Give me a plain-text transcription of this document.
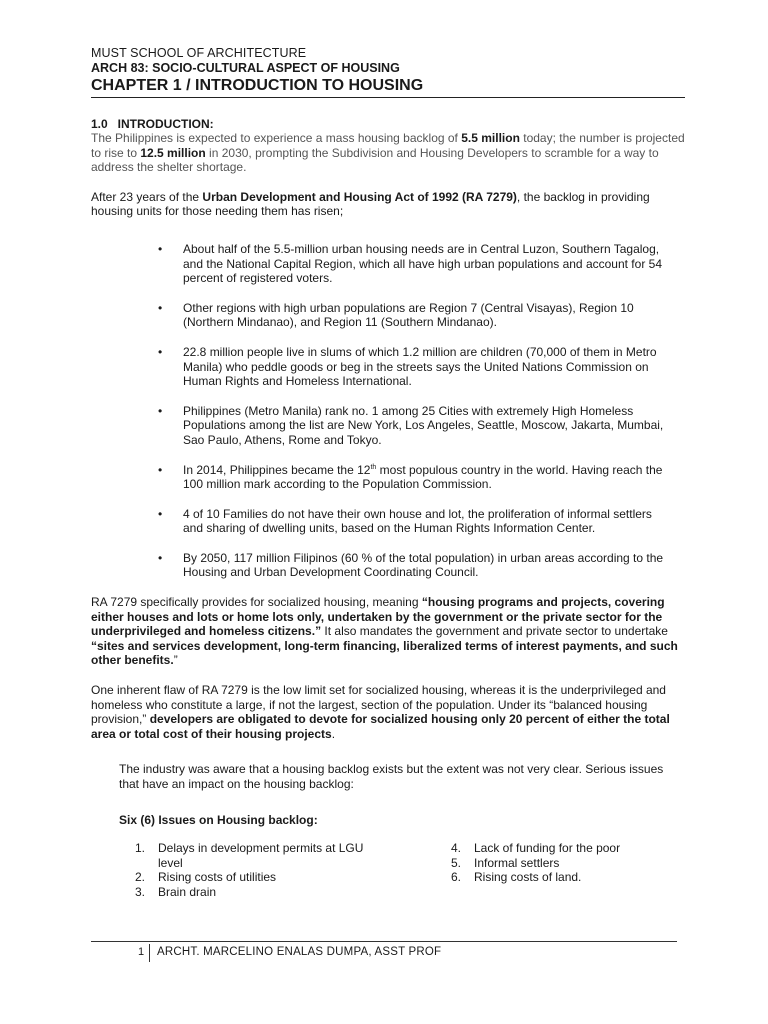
MUST SCHOOL OF ARCHITECTURE
ARCH 83: SOCIO-CULTURAL ASPECT OF HOUSING
CHAPTER 1 / INTRODUCTION TO HOUSING
1.0   INTRODUCTION:

The Philippines is expected to experience a mass housing backlog of 5.5 million today; the number is projected to rise to 12.5 million in 2030, prompting the Subdivision and Housing Developers to scramble for a way to address the shelter shortage.

After 23 years of the Urban Development and Housing Act of 1992 (RA 7279), the backlog in providing housing units for those needing them has risen;

• About half of the 5.5-million urban housing needs are in Central Luzon, Southern Tagalog, and the National Capital Region, which all have high urban populations and account for 54 percent of registered voters.
• Other regions with high urban populations are Region 7 (Central Visayas), Region 10 (Northern Mindanao), and Region 11 (Southern Mindanao).
• 22.8 million people live in slums of which 1.2 million are children (70,000 of them in Metro Manila) who peddle goods or beg in the streets says the United Nations Commission on Human Rights and Homeless International.
• Philippines (Metro Manila) rank no. 1 among 25 Cities with extremely High Homeless Populations among the list are New York, Los Angeles, Seattle, Moscow, Jakarta, Mumbai, Sao Paulo, Athens, Rome and Tokyo.
• In 2014, Philippines became the 12th most populous country in the world. Having reach the 100 million mark according to the Population Commission.
• 4 of 10 Families do not have their own house and lot, the proliferation of informal settlers and sharing of dwelling units, based on the Human Rights Information Center.
• By 2050, 117 million Filipinos (60 % of the total population) in urban areas according to the Housing and Urban Development Coordinating Council.

RA 7279 specifically provides for socialized housing, meaning “housing programs and projects, covering either houses and lots or home lots only, undertaken by the government or the private sector for the underprivileged and homeless citizens.” It also mandates the government and private sector to undertake “sites and services development, long-term financing, liberalized terms of interest payments, and such other benefits.”

One inherent flaw of RA 7279 is the low limit set for socialized housing, whereas it is the underprivileged and homeless who constitute a large, if not the largest, section of the population. Under its “balanced housing provision,” developers are obligated to devote for socialized housing only 20 percent of either the total area or total cost of their housing projects.

The industry was aware that a housing backlog exists but the extent was not very clear. Serious issues that have an impact on the housing backlog:

Six (6) Issues on Housing backlog:

1. Delays in development permits at LGU level
2. Rising costs of utilities
3. Brain drain
4. Lack of funding for the poor
5. Informal settlers
6. Rising costs of land.
1 ARCHT. MARCELINO ENALAS DUMPA, ASST PROF
